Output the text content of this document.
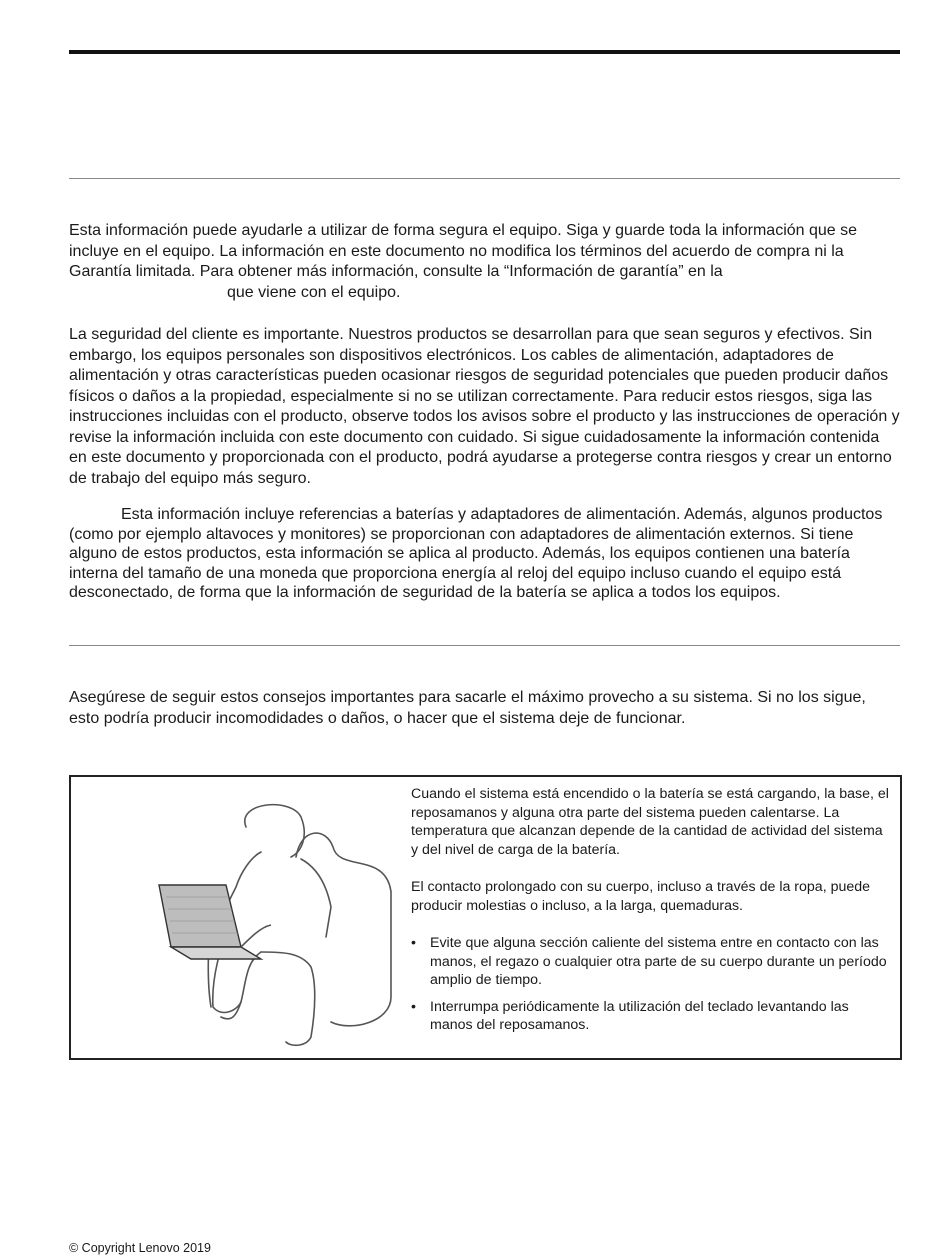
Esta información puede ayudarle a utilizar de forma segura el equipo. Siga y guarde toda la información que se incluye en el equipo. La información en este documento no modifica los términos del acuerdo de compra ni la Garantía limitada. Para obtener más información, consulte la “Información de garantía” en la
que viene con el equipo.

La seguridad del cliente es importante. Nuestros productos se desarrollan para que sean seguros y efectivos. Sin embargo, los equipos personales son dispositivos electrónicos. Los cables de alimentación, adaptadores de alimentación y otras características pueden ocasionar riesgos de seguridad potenciales que pueden producir daños físicos o daños a la propiedad, especialmente si no se utilizan correctamente. Para reducir estos riesgos, siga las instrucciones incluidas con el producto, observe todos los avisos sobre el producto y las instrucciones de operación y revise la información incluida con este documento con cuidado. Si sigue cuidadosamente la información contenida en este documento y proporcionada con el producto, podrá ayudarse a protegerse contra riesgos y crear un entorno de trabajo del equipo más seguro.

Esta información incluye referencias a baterías y adaptadores de alimentación. Además, algunos productos (como por ejemplo altavoces y monitores) se proporcionan con adaptadores de alimentación externos. Si tiene alguno de estos productos, esta información se aplica al producto. Además, los equipos contienen una batería interna del tamaño de una moneda que proporciona energía al reloj del equipo incluso cuando el equipo está desconectado, de forma que la información de seguridad de la batería se aplica a todos los equipos.

Asegúrese de seguir estos consejos importantes para sacarle el máximo provecho a su sistema. Si no los sigue, esto podría producir incomodidades o daños, o hacer que el sistema deje de funcionar.

Cuando el sistema está encendido o la batería se está cargando, la base, el reposamanos y alguna otra parte del sistema pueden calentarse. La temperatura que alcanzan depende de la cantidad de actividad del sistema y del nivel de carga de la batería.

El contacto prolongado con su cuerpo, incluso a través de la ropa, puede producir molestias o incluso, a la larga, quemaduras.

• Evite que alguna sección caliente del sistema entre en contacto con las manos, el regazo o cualquier otra parte de su cuerpo durante un período amplio de tiempo.
• Interrumpa periódicamente la utilización del teclado levantando las manos del reposamanos.

© Copyright Lenovo 2019
